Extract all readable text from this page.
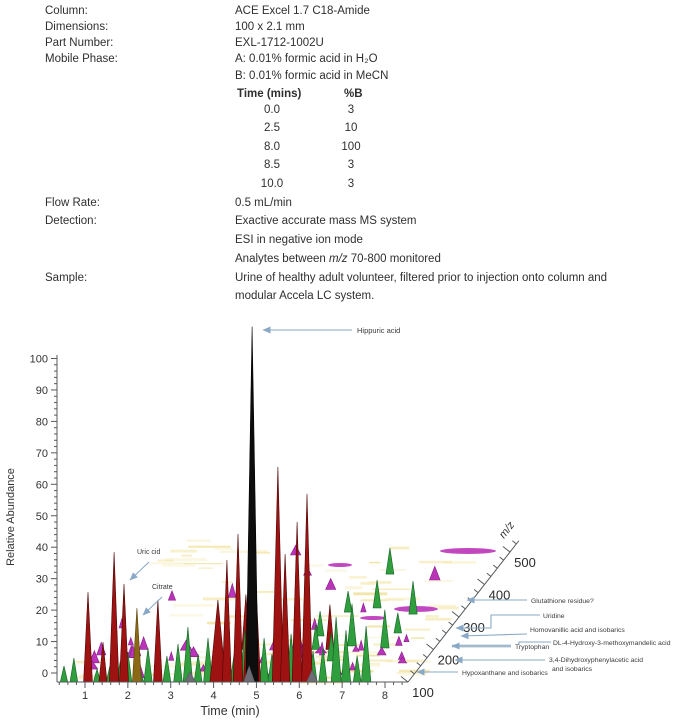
Column:	ACE Excel 1.7 C18-Amide
Dimensions:	100 x 2.1 mm
Part Number:	EXL-1712-1002U
Mobile Phase:	A: 0.01% formic acid in H₂O
B: 0.01% formic acid in MeCN
Time (mins)	%B
0.0	3
2.5	10
8.0	100
8.5	3
10.0	3
Flow Rate:	0.5 mL/min
Detection:	Exactive accurate mass MS system
ESI in negative ion mode
Analytes between m/z 70-800 monitored
Sample:	Urine of healthy adult volunteer, filtered prior to injection onto column and
modular Accela LC system.
0
10
20
30
40
50
60
70
80
90
100
Relative Abundance
1	2	3	4	5	6	7	8
Time (min)
100
200
300
400
500
m/z
Hippuric acid
Uric cid
Citrate
Glutathione residue?
Uridine
Homovanillic acid and isobarics
DL-4-Hydroxy-3-methoxymandelic acid
Tryptophan
3,4-Dihydroxyphenylacetic acid
and isobarics
Hypoxanthane and isobarics
